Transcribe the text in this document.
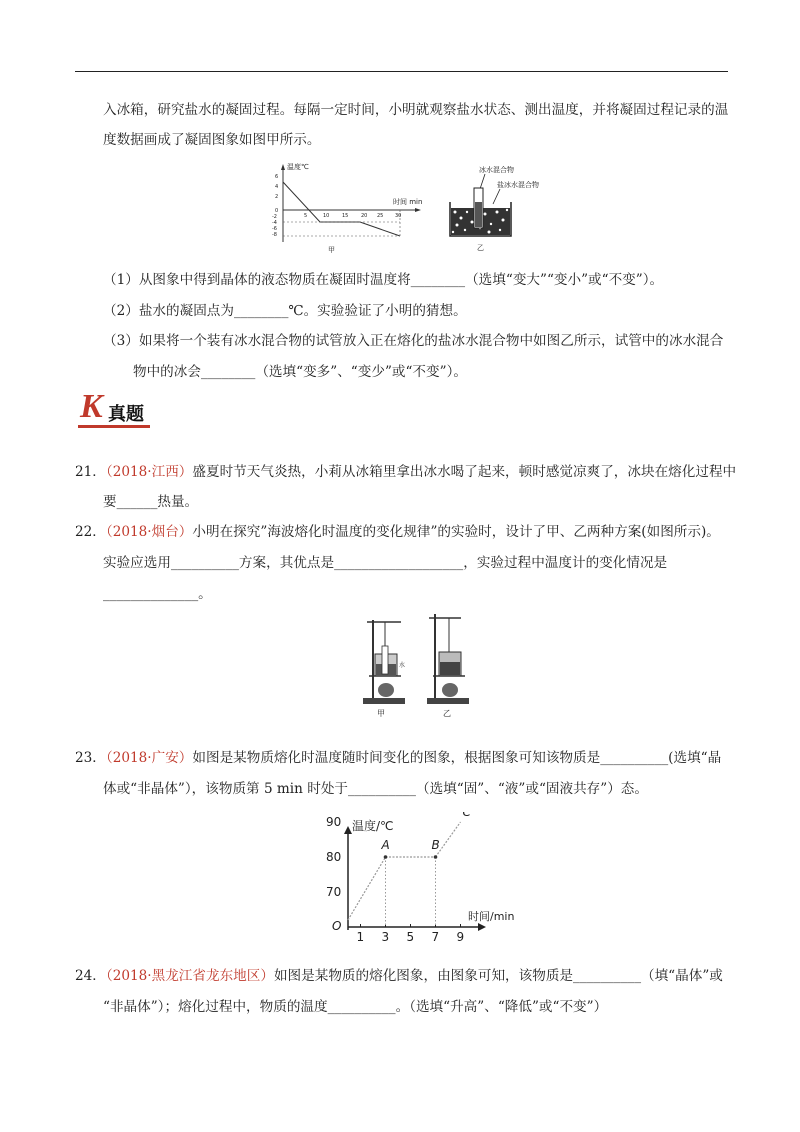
入冰箱，研究盐水的凝固过程。每隔一定时间，小明就观察盐水状态、测出温度，并将凝固过程记录的温
度数据画成了凝固图象如图甲所示。
温度℃
时间 min
6
4
2
0
-2
-4
-6
-8
5	10	15	20 25 30
甲
冰水混合物
盐冰水混合物
乙
（1）从图象中得到晶体的液态物质在凝固时温度将________（选填“变大”“变小”或“不变”）。
（2）盐水的凝固点为________℃。实验验证了小明的猜想。
（3）如果将一个装有冰水混合物的试管放入正在熔化的盐冰水混合物中如图乙所示，试管中的冰水混合
物中的冰会________（选填“变多”、“变少”或“不变”）。
K 真题
21．（2018·江西）盛夏时节天气炎热，小莉从冰箱里拿出冰水喝了起来，顿时感觉凉爽了，冰块在熔化过程中
要______热量。
22．（2018·烟台）小明在探究”海波熔化时温度的变化规律”的实验时，设计了甲、乙两种方案(如图所示)。
实验应选用__________方案，其优点是___________________，实验过程中温度计的变化情况是
______________。
水
甲	乙
23．（2018·广安）如图是某物质熔化时温度随时间变化的图象，根据图象可知该物质是__________(选填“晶
体或“非晶体”），该物质第 5 min 时处于__________（选填“固”、“液”或“固液共存”）态。
温度/℃
时间/min
O
70
80
90
1 3 5 7 9
A	B
C
24．（2018·黑龙江省龙东地区）如图是某物质的熔化图象，由图象可知，该物质是__________（填“晶体”或
“非晶体”）；熔化过程中，物质的温度__________。（选填“升高”、“降低”或“不变”）
